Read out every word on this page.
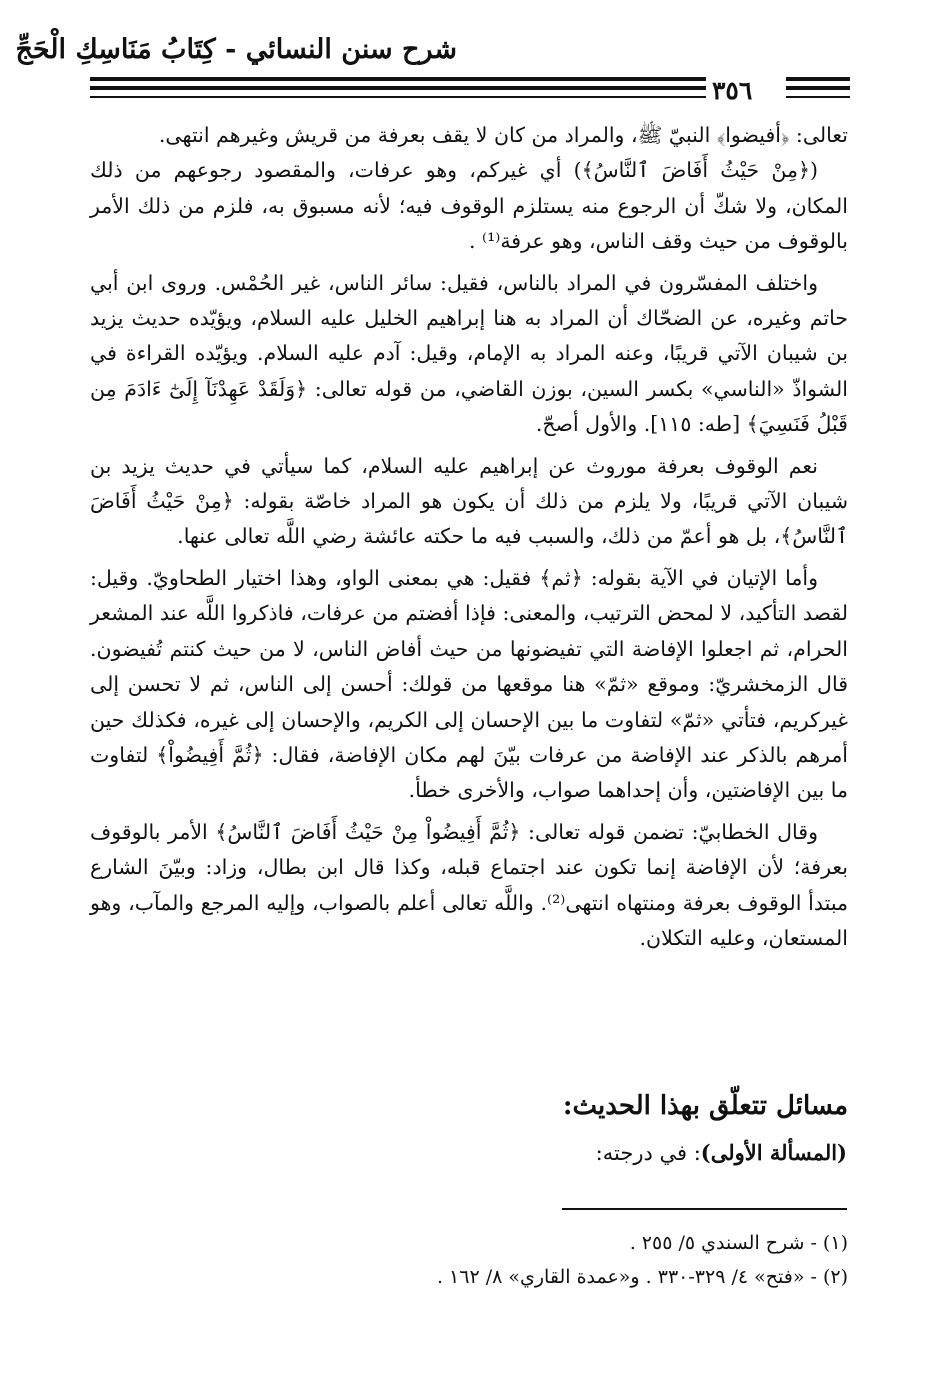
شرح سنن النسائي - كِتَابُ مَنَاسِكِ الْحَجِّ
٣٥٦

تعالى: ﴿أفيضوا﴾ النبيّ ﷺ، والمراد من كان لا يقف بعرفة من قريش وغيرهم انتهى.

(﴿مِنْ حَيْثُ أَفَاضَ ٱلنَّاسُ﴾) أي غيركم، وهو عرفات، والمقصود رجوعهم من ذلك المكان، ولا شكّ أن الرجوع منه يستلزم الوقوف فيه؛ لأنه مسبوق به، فلزم من ذلك الأمر بالوقوف من حيث وقف الناس، وهو عرفة⁽¹⁾ .

واختلف المفسّرون في المراد بالناس، فقيل: سائر الناس، غير الحُمْس. وروى ابن أبي حاتم وغيره، عن الضحّاك أن المراد به هنا إبراهيم الخليل عليه السلام، ويؤيّده حديث يزيد بن شيبان الآتي قريبًا، وعنه المراد به الإمام، وقيل: آدم عليه السلام. ويؤيّده القراءة في الشواذّ «الناسي» بكسر السين، بوزن القاضي، من قوله تعالى: ﴿وَلَقَدْ عَهِدْنَآ إِلَىٰٓ ءَادَمَ مِن قَبْلُ فَنَسِيَ﴾ [طه: ١١٥]. والأول أصحّ.

نعم الوقوف بعرفة موروث عن إبراهيم عليه السلام، كما سيأتي في حديث يزيد بن شيبان الآتي قريبًا، ولا يلزم من ذلك أن يكون هو المراد خاصّة بقوله: ﴿مِنْ حَيْثُ أَفَاضَ ٱلنَّاسُ﴾، بل هو أعمّ من ذلك، والسبب فيه ما حكته عائشة رضي اللَّه تعالى عنها.

وأما الإتيان في الآية بقوله: ﴿ثم﴾ فقيل: هي بمعنى الواو، وهذا اختيار الطحاويّ. وقيل: لقصد التأكيد، لا لمحض الترتيب، والمعنى: فإذا أفضتم من عرفات، فاذكروا اللَّه عند المشعر الحرام، ثم اجعلوا الإفاضة التي تفيضونها من حيث أفاض الناس، لا من حيث كنتم تُفيضون. قال الزمخشريّ: وموقع «ثمّ» هنا موقعها من قولك: أحسن إلى الناس، ثم لا تحسن إلى غيركريم، فتأتي «ثمّ» لتفاوت ما بين الإحسان إلى الكريم، والإحسان إلى غيره، فكذلك حين أمرهم بالذكر عند الإفاضة من عرفات بيّنَ لهم مكان الإفاضة، فقال: ﴿ثُمَّ أَفِيضُواْ﴾ لتفاوت ما بين الإفاضتين، وأن إحداهما صواب، والأخرى خطأ.

وقال الخطابيّ: تضمن قوله تعالى: ﴿ثُمَّ أَفِيضُواْ مِنْ حَيْثُ أَفَاضَ ٱلنَّاسُ﴾ الأمر بالوقوف بعرفة؛ لأن الإفاضة إنما تكون عند اجتماع قبله، وكذا قال ابن بطال، وزاد: وبيّنَ الشارع مبتدأ الوقوف بعرفة ومنتهاه انتهى⁽²⁾. واللَّه تعالى أعلم بالصواب، وإليه المرجع والمآب، وهو المستعان، وعليه التكلان.

مسائل تتعلّق بهذا الحديث:
(المسألة الأولى): في درجته:
(١) - شرح السندي ٥/ ٢٥٥ .
(٢) - «فتح» ٤/ ٣٢٩-٣٣٠ . و«عمدة القاري» ٨/ ١٦٢ .
